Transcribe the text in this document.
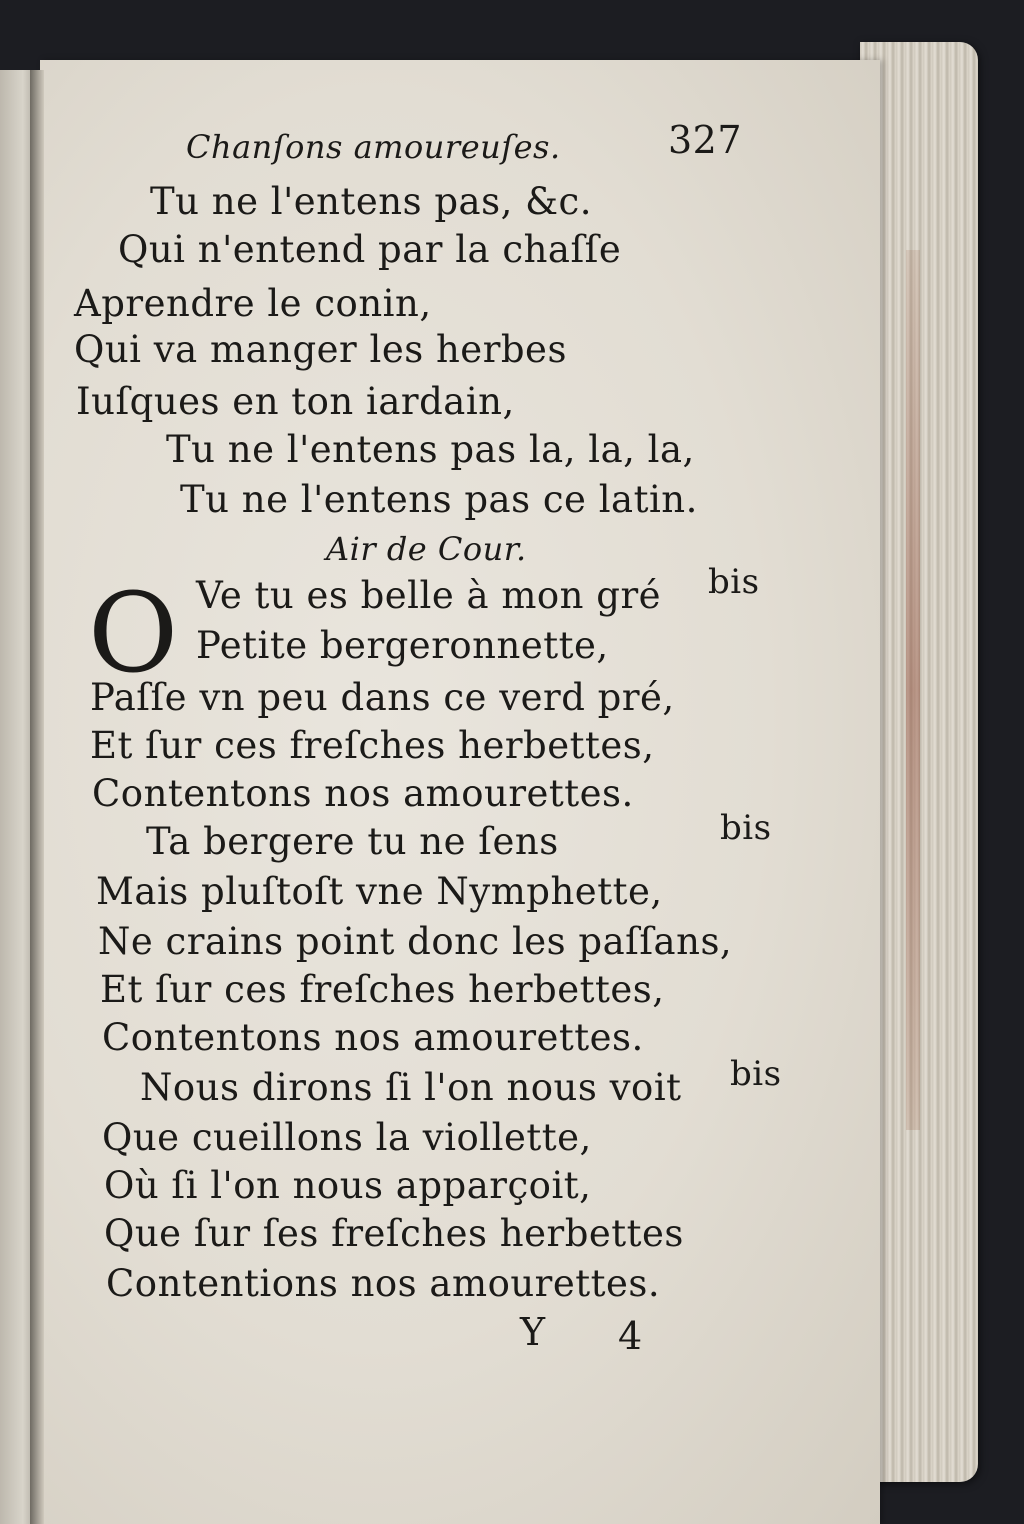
Chanſons amoureuſes.	327
Tu ne l'entens pas, &c.
Qui n'entend par la chaſſe
Aprendre le conin,
Qui va manger les herbes
Iuſques en ton iardain,
Tu ne l'entens pas la, la, la,
Tu ne l'entens pas ce latin.
Air de Cour.
O Ve tu es belle à mon gré bis
Petite bergeronnette,
Paſſe vn peu dans ce verd pré,
Et ſur ces freſches herbettes,
Contentons nos amourettes.
Ta bergere tu ne ſens	bis
Mais pluſtoſt vne Nymphette,
Ne crains point donc les paſſans,
Et ſur ces freſches herbettes,
Contentons nos amourettes.
Nous dirons ſi l'on nous voit bis
Que cueillons la viollette,
Où ſi l'on nous apparçoit,
Que ſur ſes freſches herbettes
Contentions nos amourettes.
Y 4
